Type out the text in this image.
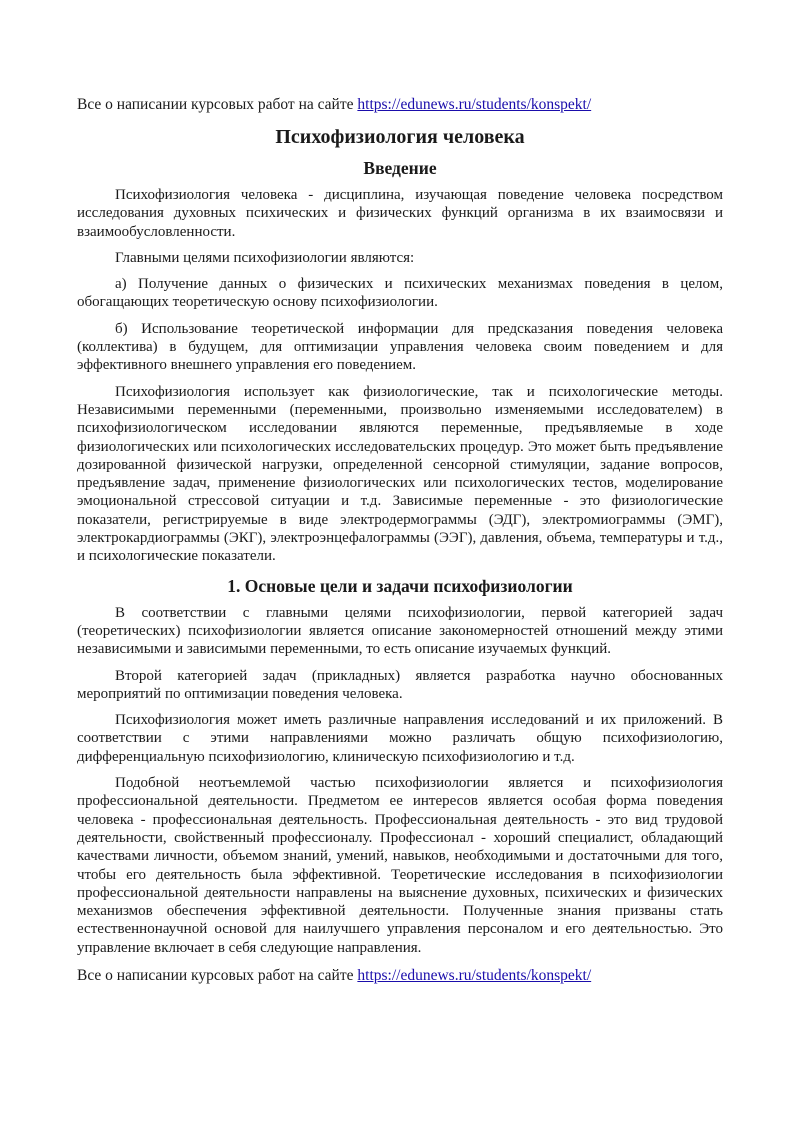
Все о написании курсовых работ на сайте https://edunews.ru/students/konspekt/
Психофизиология человека
Введение

Психофизиология человека - дисциплина, изучающая поведение человека посредством исследования духовных психических и физических функций организма в их взаимосвязи и взаимообусловленности.

Главными целями психофизиологии являются:

а) Получение данных о физических и психических механизмах поведения в целом, обогащающих теоретическую основу психофизиологии.

б) Использование теоретической информации для предсказания поведения человека (коллектива) в будущем, для оптимизации управления человека своим поведением и для эффективного внешнего управления его поведением.

Психофизиология использует как физиологические, так и психологические методы. Независимыми переменными (переменными, произвольно изменяемыми исследователем) в психофизиологическом исследовании являются переменные, предъявляемые в ходе физиологических или психологических исследовательских процедур. Это может быть предъявление дозированной физической нагрузки, определенной сенсорной стимуляции, задание вопросов, предъявление задач, применение физиологических или психологических тестов, моделирование эмоциональной стрессовой ситуации и т.д. Зависимые переменные - это физиологические показатели, регистрируемые в виде электродермограммы (ЭДГ), электромиограммы (ЭМГ), электрокардиограммы (ЭКГ), электроэнцефалограммы (ЭЭГ), давления, объема, температуры и т.д., и психологические показатели.

1. Основые цели и задачи психофизиологии

В соответствии с главными целями психофизиологии, первой категорией задач (теоретических) психофизиологии является описание закономерностей отношений между этими независимыми и зависимыми переменными, то есть описание изучаемых функций.

Второй категорией задач (прикладных) является разработка научно обоснованных мероприятий по оптимизации поведения человека.

Психофизиология может иметь различные направления исследований и их приложений. В соответствии с этими направлениями можно различать общую психофизиологию, дифференциальную психофизиологию, клиническую психофизиологию и т.д.

Подобной неотъемлемой частью психофизиологии является и психофизиология профессиональной деятельности. Предметом ее интересов является особая форма поведения человека - профессиональная деятельность. Профессиональная деятельность - это вид трудовой деятельности, свойственный профессионалу. Профессионал - хороший специалист, обладающий качествами личности, объемом знаний, умений, навыков, необходимыми и достаточными для того, чтобы его деятельность была эффективной. Теоретические исследования в психофизиологии профессиональной деятельности направлены на выяснение духовных, психических и физических механизмов обеспечения эффективной деятельности. Полученные знания призваны стать естественнонаучной основой для наилучшего управления персоналом и его деятельностью. Это управление включает в себя следующие направления.

Все о написании курсовых работ на сайте https://edunews.ru/students/konspekt/
